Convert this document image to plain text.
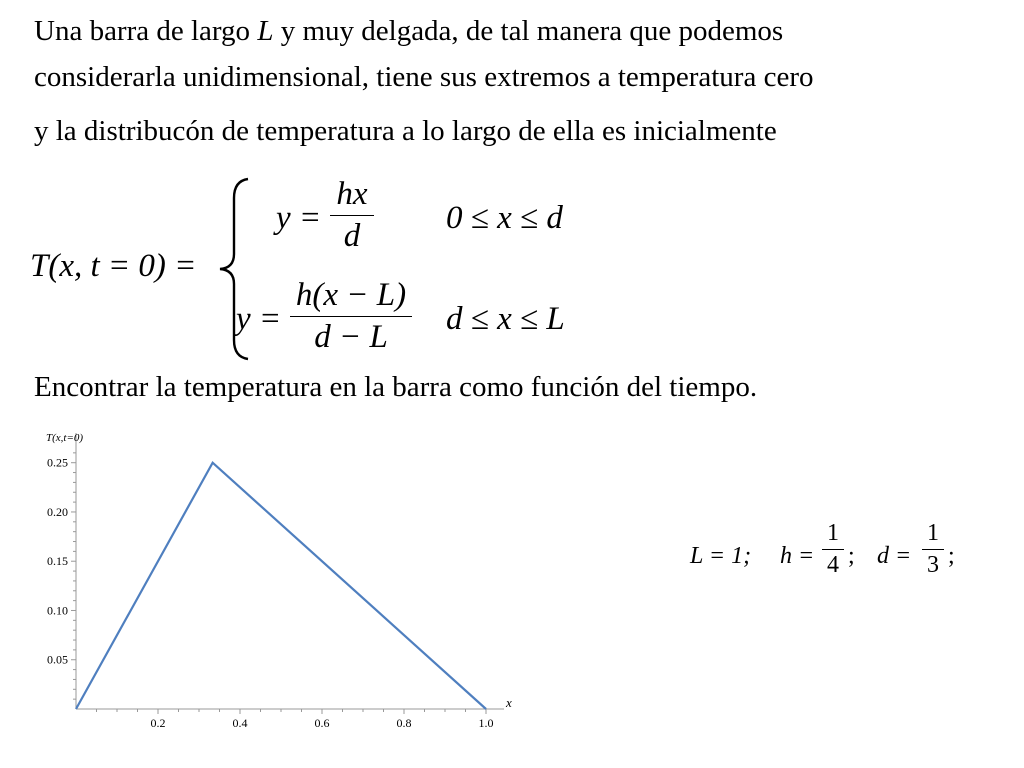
Una barra de largo L y muy delgada, de tal manera que podemos
considerarla unidimensional, tiene sus extremos a temperatura cero
y la distribucón de temperatura a lo largo de ella es inicialmente
T(x, t = 0) =
y =
hx
d	0 ≤ x ≤ d
y =
h(x − L)
d − L	d ≤ x ≤ L
Encontrar la temperatura en la barra como función del tiempo.
0.2	0.4	0.6	0.8	1.0
0.05
0.10
0.15
0.20
0.25
T(x,t=0)
x
L = 1; h =
1
4 ; d =
1
3 ;
